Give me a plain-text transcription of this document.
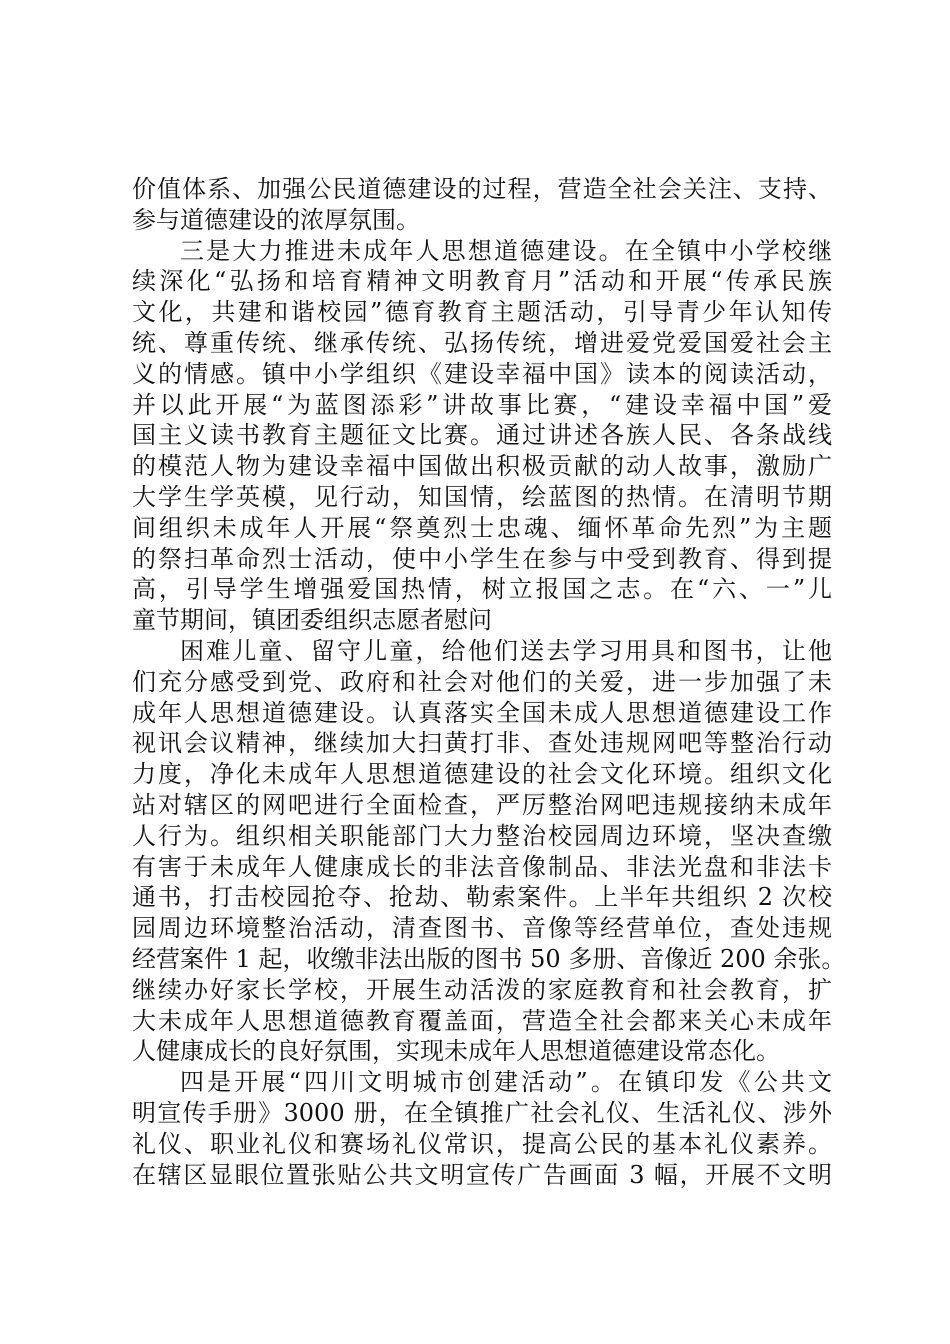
价值体系、加强公民道德建设的过程，营造全社会关注、支持、
参与道德建设的浓厚氛围。
三是大力推进未成年人思想道德建设。在全镇中小学校继
续深化“弘扬和培育精神文明教育月”活动和开展“传承民族
文化，共建和谐校园”德育教育主题活动，引导青少年认知传
统、尊重传统、继承传统、弘扬传统，增进爱党爱国爱社会主
义的情感。镇中小学组织《建设幸福中国》读本的阅读活动，
并以此开展“为蓝图添彩”讲故事比赛，“建设幸福中国”爱
国主义读书教育主题征文比赛。通过讲述各族人民、各条战线
的模范人物为建设幸福中国做出积极贡献的动人故事，激励广
大学生学英模，见行动，知国情，绘蓝图的热情。在清明节期
间组织未成年人开展“祭奠烈士忠魂、缅怀革命先烈”为主题
的祭扫革命烈士活动，使中小学生在参与中受到教育、得到提
高，引导学生增强爱国热情，树立报国之志。在“六、一”儿
童节期间，镇团委组织志愿者慰问
困难儿童、留守儿童，给他们送去学习用具和图书，让他
们充分感受到党、政府和社会对他们的关爱，进一步加强了未
成年人思想道德建设。认真落实全国未成人思想道德建设工作
视讯会议精神，继续加大扫黄打非、查处违规网吧等整治行动
力度，净化未成年人思想道德建设的社会文化环境。组织文化
站对辖区的网吧进行全面检查，严厉整治网吧违规接纳未成年
人行为。组织相关职能部门大力整治校园周边环境，坚决查缴
有害于未成年人健康成长的非法音像制品、非法光盘和非法卡
通书，打击校园抢夺、抢劫、勒索案件。上半年共组织 2 次校
园周边环境整治活动，清查图书、音像等经营单位，查处违规
经营案件 1 起，收缴非法出版的图书 50 多册、音像近 200 余张。
继续办好家长学校，开展生动活泼的家庭教育和社会教育，扩
大未成年人思想道德教育覆盖面，营造全社会都来关心未成年
人健康成长的良好氛围，实现未成年人思想道德建设常态化。
四是开展“四川文明城市创建活动”。在镇印发《公共文
明宣传手册》3000 册，在全镇推广社会礼仪、生活礼仪、涉外
礼仪、职业礼仪和赛场礼仪常识，提高公民的基本礼仪素养。
在辖区显眼位置张贴公共文明宣传广告画面 3 幅，开展不文明
